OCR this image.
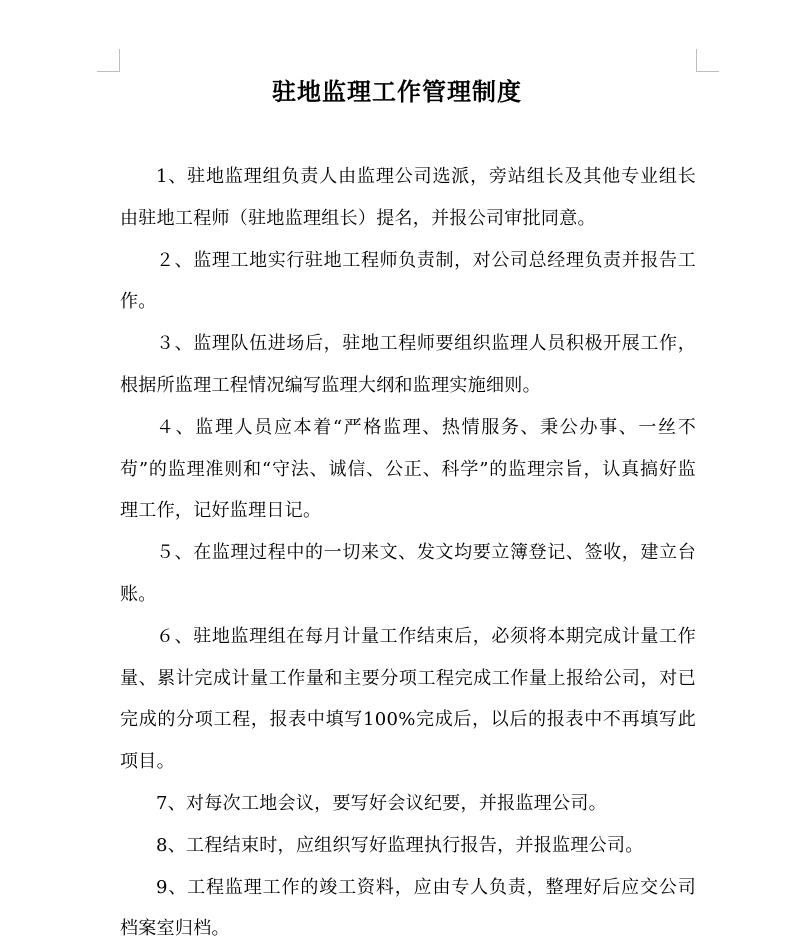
驻地监理工作管理制度

1、驻地监理组负责人由监理公司选派，旁站组长及其他专业组长由驻地工程师（驻地监理组长）提名，并报公司审批同意。

２、监理工地实行驻地工程师负责制，对公司总经理负责并报告工作。

３、监理队伍进场后，驻地工程师要组织监理人员积极开展工作，根据所监理工程情况编写监理大纲和监理实施细则。

４、监理人员应本着“严格监理、热情服务、秉公办事、一丝不苟”的监理准则和“守法、诚信、公正、科学”的监理宗旨，认真搞好监理工作，记好监理日记。

５、在监理过程中的一切来文、发文均要立簿登记、签收，建立台账。

６、驻地监理组在每月计量工作结束后，必须将本期完成计量工作量、累计完成计量工作量和主要分项工程完成工作量上报给公司，对已完成的分项工程，报表中填写100%完成后，以后的报表中不再填写此项目。

7、对每次工地会议，要写好会议纪要，并报监理公司。

8、工程结束时，应组织写好监理执行报告，并报监理公司。

9、工程监理工作的竣工资料，应由专人负责，整理好后应交公司档案室归档。
